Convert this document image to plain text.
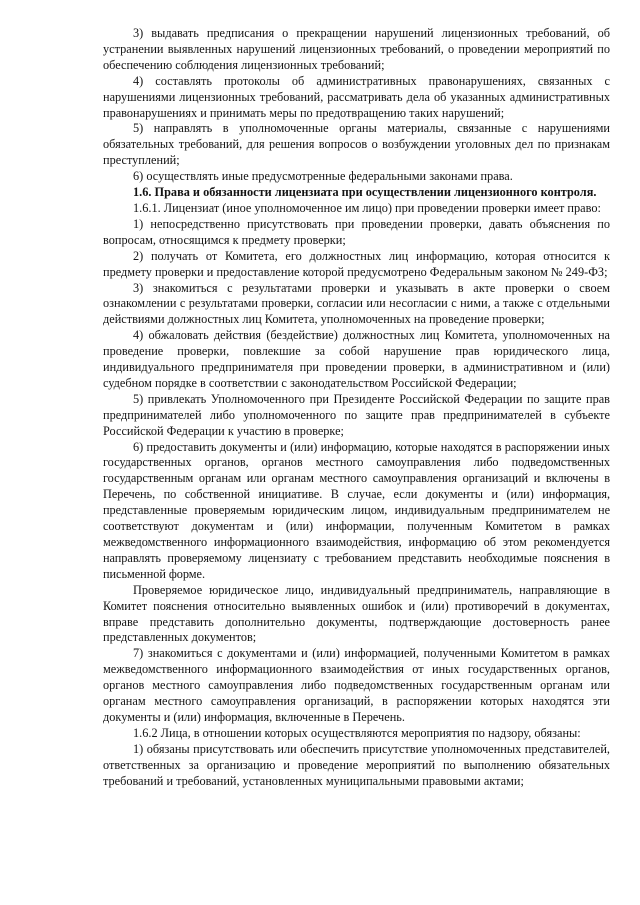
3) выдавать предписания о прекращении нарушений лицензионных требований, об устранении выявленных нарушений лицензионных требований, о проведении мероприятий по обеспечению соблюдения лицензионных требований;

4) составлять протоколы об административных правонарушениях, связанных с нарушениями лицензионных требований, рассматривать дела об указанных административных правонарушениях и принимать меры по предотвращению таких нарушений;

5) направлять в уполномоченные органы материалы, связанные с нарушениями обязательных требований, для решения вопросов о возбуждении уголовных дел по признакам преступлений;

6) осуществлять иные предусмотренные федеральными законами права.

1.6. Права и обязанности лицензиата при осуществлении лицензионного контроля.

1.6.1. Лицензиат (иное уполномоченное им лицо) при проведении проверки имеет право:

1) непосредственно присутствовать при проведении проверки, давать объяснения по вопросам, относящимся к предмету проверки;

2) получать от Комитета, его должностных лиц информацию, которая относится к предмету проверки и предоставление которой предусмотрено Федеральным законом № 249-ФЗ;

3) знакомиться с результатами проверки и указывать в акте проверки о своем ознакомлении с результатами проверки, согласии или несогласии с ними, а также с отдельными действиями должностных лиц Комитета, уполномоченных на проведение проверки;

4) обжаловать действия (бездействие) должностных лиц Комитета, уполномоченных на проведение проверки, повлекшие за собой нарушение прав юридического лица, индивидуального предпринимателя при проведении проверки, в административном и (или) судебном порядке в соответствии с законодательством Российской Федерации;

5) привлекать Уполномоченного при Президенте Российской Федерации по защите прав предпринимателей либо уполномоченного по защите прав предпринимателей в субъекте Российской Федерации к участию в проверке;

6) предоставить документы и (или) информацию, которые находятся в распоряжении иных государственных органов, органов местного самоуправления либо подведомственных государственным органам или органам местного самоуправления организаций и включены в Перечень, по собственной инициативе. В случае, если документы и (или) информация, представленные проверяемым юридическим лицом, индивидуальным предпринимателем не соответствуют документам и (или) информации, полученным Комитетом в рамках межведомственного информационного взаимодействия, информацию об этом рекомендуется направлять проверяемому лицензиату с требованием представить необходимые пояснения в письменной форме.

Проверяемое юридическое лицо, индивидуальный предприниматель, направляющие в Комитет пояснения относительно выявленных ошибок и (или) противоречий в документах, вправе представить дополнительно документы, подтверждающие достоверность ранее представленных документов;

7) знакомиться с документами и (или) информацией, полученными Комитетом в рамках межведомственного информационного взаимодействия от иных государственных органов, органов местного самоуправления либо подведомственных государственным органам или органам местного самоуправления организаций, в распоряжении которых находятся эти документы и (или) информация, включенные в Перечень.

1.6.2 Лица, в отношении которых осуществляются мероприятия по надзору, обязаны:

1) обязаны присутствовать или обеспечить присутствие уполномоченных представителей, ответственных за организацию и проведение мероприятий по выполнению обязательных требований и требований, установленных муниципальными правовыми актами;
